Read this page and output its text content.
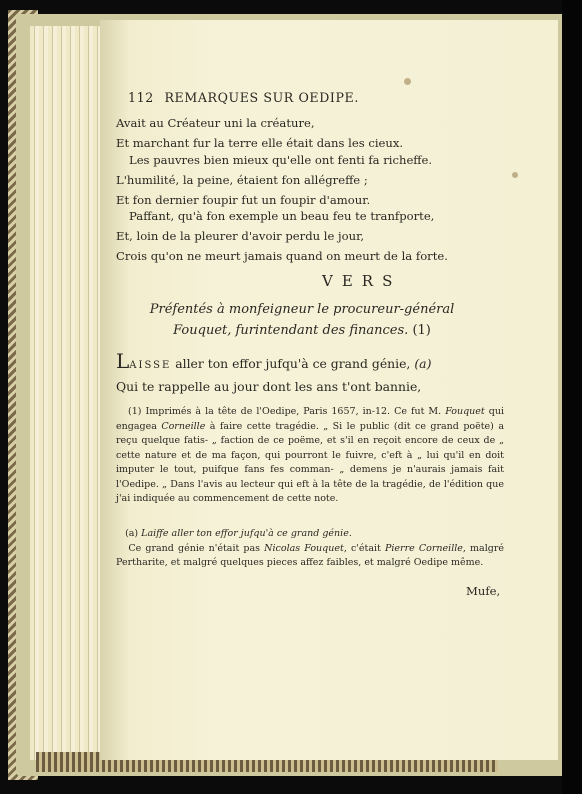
112 REMARQUES SUR OEDIPE.
Avait au Créateur uni la créature,
Et marchant fur la terre elle était dans les cieux.
Les pauvres bien mieux qu'elle ont fenti fa richeffe.
L'humilité, la peine, étaient fon allégreffe ;
Et fon dernier foupir fut un foupir d'amour.
Paffant, qu'à fon exemple un beau feu te tranfporte,
Et, loin de la pleurer d'avoir perdu le jour,
Crois qu'on ne meurt jamais quand on meurt de la forte.
VERS
Préfentés à monfeigneur le procureur-général
Fouquet, furintendant des finances. (1)
LAISSE aller ton effor jufqu'à ce grand génie, (a)
Qui te rappelle au jour dont les ans t'ont bannie,
(1) Imprimés à la tête de l'Oedipe, Paris 1657, in-12. Ce fut M. Fouquet qui engagea Corneille à faire cette tragédie. „ Si le public (dit ce grand poëte) a reçu quelque fatis- „ faction de ce poëme, et s'il en reçoit encore de ceux de „ cette nature et de ma façon, qui pourront le fuivre, c'eft à „ lui qu'il en doit imputer le tout, puifque fans fes comman- „ demens je n'aurais jamais fait l'Oedipe. „ Dans l'avis au lecteur qui eft à la tête de la tragédie, de l'édition que j'ai indiquée au commencement de cette note.
(a) Laiffe aller ton effor jufqu'à ce grand génie.
Ce grand génie n'était pas Nicolas Fouquet, c'était Pierre Corneille, malgré Pertharite, et malgré quelques pieces affez faibles, et malgré Oedipe même.
Mufe,
